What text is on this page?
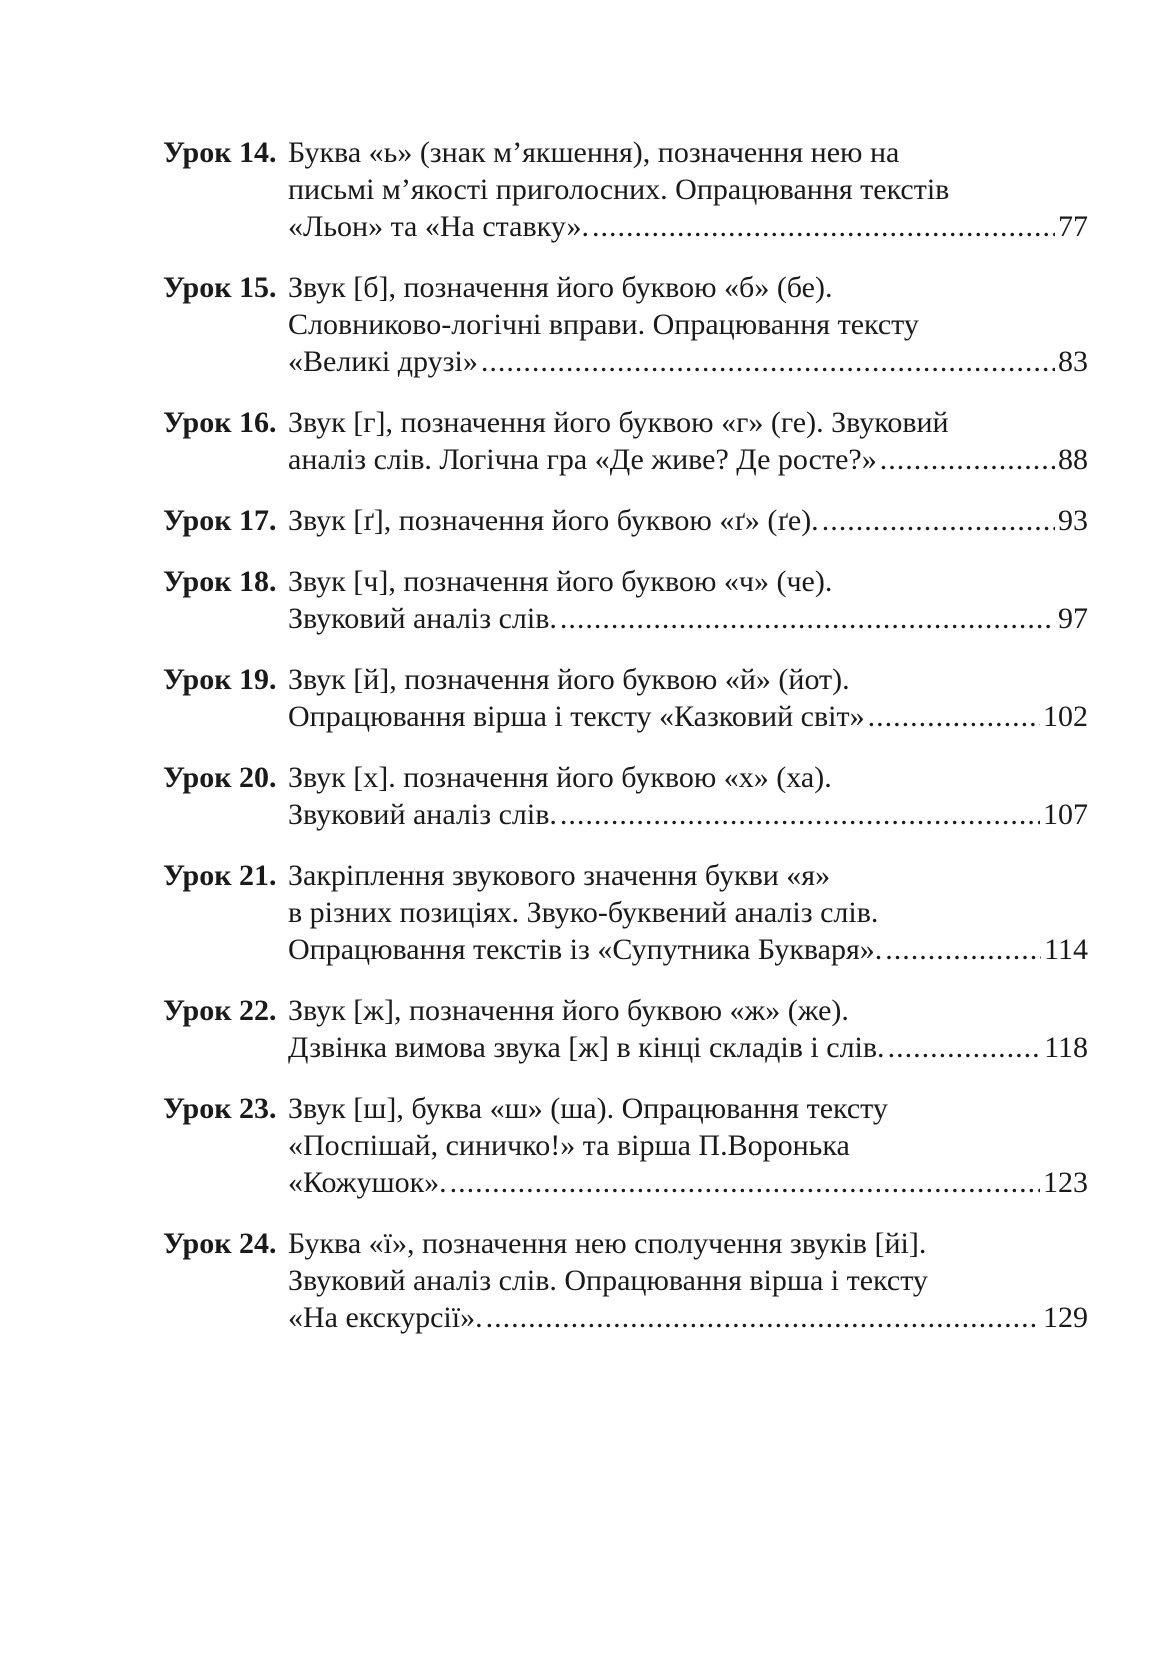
Урок 14. Буква «ь» (знак м’якшення), позначення нею на
письмі м’якості приголосних. Опрацювання текстів
«Льон» та «На ставку». .....	77
Урок 15. Звук [б], позначення його буквою «б» (бе).
Словниково-логічні вправи. Опрацювання тексту
«Великі друзі» .....	83
Урок 16. Звук [г], позначення його буквою «г» (ге). Звуковий
аналіз слів. Логічна гра «Де живе? Де росте?» .....	88
Урок 17. Звук [ґ], позначення його буквою «ґ» (ґе). .....	93
Урок 18. Звук [ч], позначення його буквою «ч» (че).
Звуковий аналіз слів. .....	97
Урок 19. Звук [й], позначення його буквою «й» (йот).
Опрацювання вірша і тексту «Казковий світ» .....	102
Урок 20. Звук [х]. позначення його буквою «х» (ха).
Звуковий аналіз слів. .....	107
Урок 21. Закріплення звукового значення букви «я»
в різних позиціях. Звуко-буквений аналіз слів.
Опрацювання текстів із «Супутника Букваря». .....	114
Урок 22. Звук [ж], позначення його буквою «ж» (же).
Дзвінка вимова звука [ж] в кінці складів і слів. .....	118
Урок 23. Звук [ш], буква «ш» (ша). Опрацювання тексту
«Поспішай, синичко!» та вірша П.Воронька
«Кожушок». .....	123
Урок 24. Буква «ї», позначення нею сполучення звуків [йі].
Звуковий аналіз слів. Опрацювання вірша і тексту
«На екскурсії». .....	129
